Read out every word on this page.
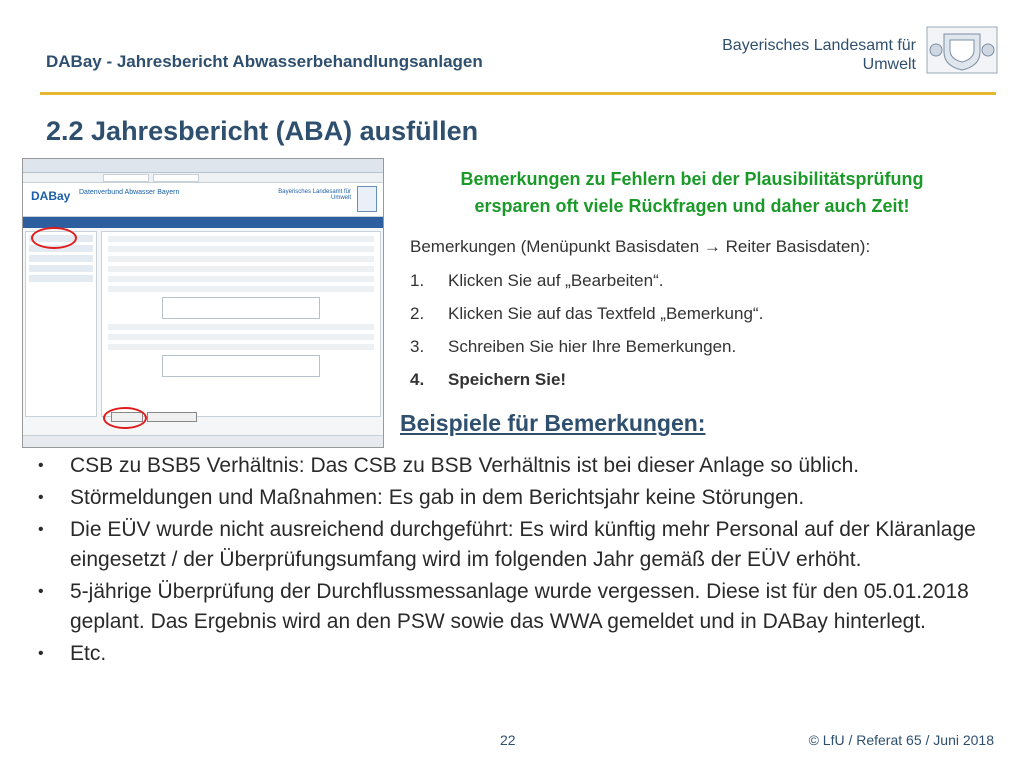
DABay - Jahresbericht Abwasserbehandlungsanlagen
Bayerisches Landesamt für
Umwelt
2.2 Jahresbericht (ABA) ausfüllen
DABay Datenverbund Abwasser Bayern	Bayerisches Landesamt für
Umwelt
Bemerkungen zu Fehlern bei der Plausibilitätsprüfung
ersparen oft viele Rückfragen und daher auch Zeit!
Bemerkungen (Menüpunkt Basisdaten → Reiter Basisdaten):
1.	Klicken Sie auf „Bearbeiten“.
2.	Klicken Sie auf das Textfeld „Bemerkung“.
3.	Schreiben Sie hier Ihre Bemerkungen.
4.	Speichern Sie!
Beispiele für Bemerkungen:
•	CSB zu BSB5 Verhältnis: Das CSB zu BSB Verhältnis ist bei dieser Anlage so üblich.
•	Störmeldungen und Maßnahmen: Es gab in dem Berichtsjahr keine Störungen.
•	Die EÜV wurde nicht ausreichend durchgeführt: Es wird künftig mehr Personal auf der Kläranlage eingesetzt / der Überprüfungsumfang wird im folgenden Jahr gemäß der EÜV erhöht.
•	5-jährige Überprüfung der Durchflussmessanlage wurde vergessen. Diese ist für den 05.01.2018 geplant. Das Ergebnis wird an den PSW sowie das WWA gemeldet und in DABay hinterlegt.
•	Etc.
22	© LfU / Referat 65 / Juni 2018
